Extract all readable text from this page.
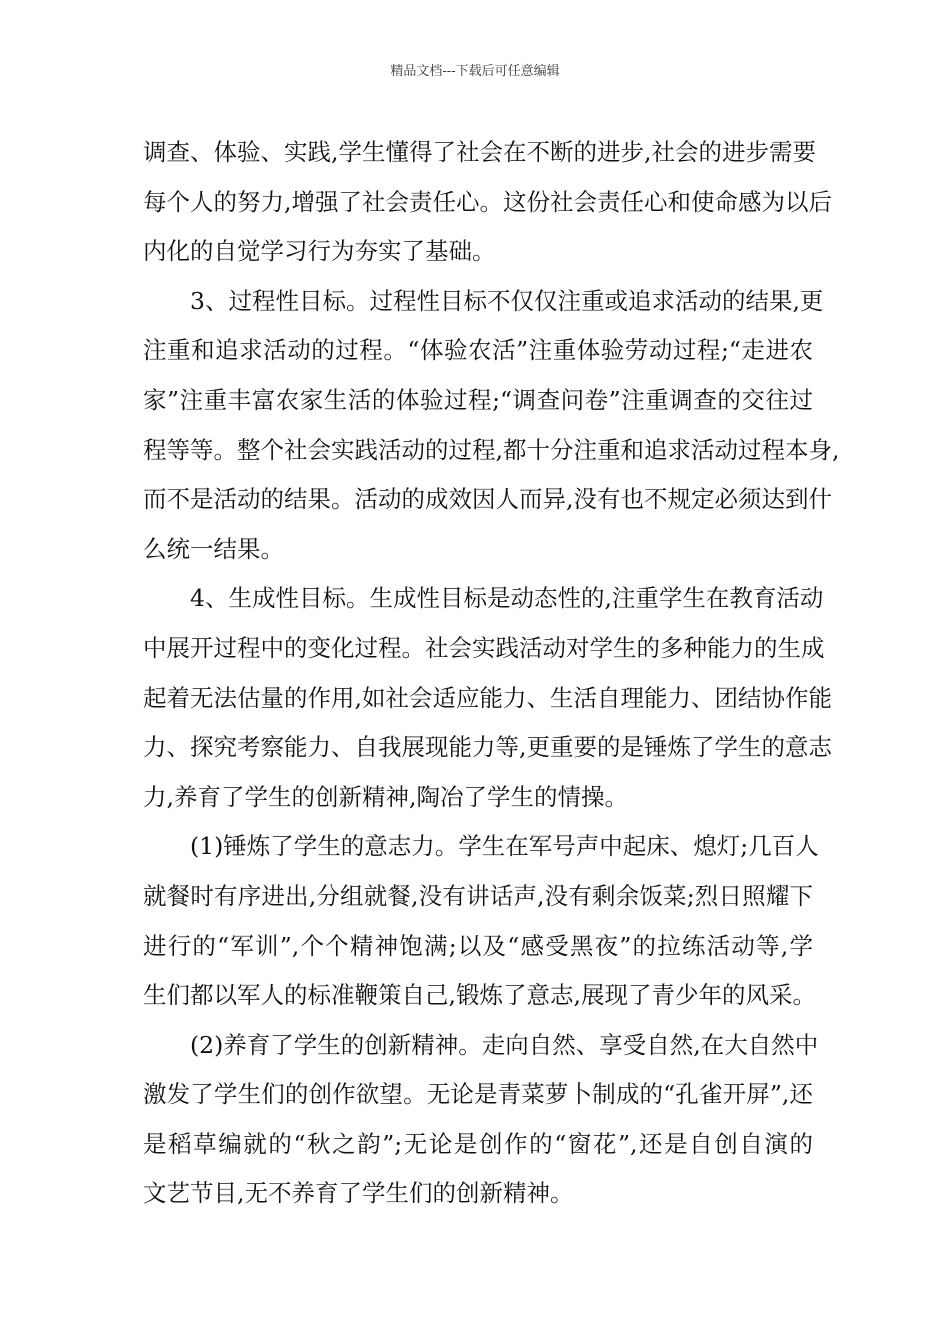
精品文档---下载后可任意编辑
调查、体验、实践,学生懂得了社会在不断的进步,社会的进步需要
每个人的努力,增强了社会责任心。这份社会责任心和使命感为以后
内化的自觉学习行为夯实了基础。
3、过程性目标。过程性目标不仅仅注重或追求活动的结果,更
注重和追求活动的过程。“体验农活”注重体验劳动过程;“走进农
家”注重丰富农家生活的体验过程;“调查问卷”注重调查的交往过
程等等。整个社会实践活动的过程,都十分注重和追求活动过程本身,
而不是活动的结果。活动的成效因人而异,没有也不规定必须达到什
么统一结果。
4、生成性目标。生成性目标是动态性的,注重学生在教育活动
中展开过程中的变化过程。社会实践活动对学生的多种能力的生成
起着无法估量的作用,如社会适应能力、生活自理能力、团结协作能
力、探究考察能力、自我展现能力等,更重要的是锤炼了学生的意志
力,养育了学生的创新精神,陶冶了学生的情操。
(1)锤炼了学生的意志力。学生在军号声中起床、熄灯;几百人
就餐时有序进出,分组就餐,没有讲话声,没有剩余饭菜;烈日照耀下
进行的“军训”,个个精神饱满;以及“感受黑夜”的拉练活动等,学
生们都以军人的标准鞭策自己,锻炼了意志,展现了青少年的风采。
(2)养育了学生的创新精神。走向自然、享受自然,在大自然中
激发了学生们的创作欲望。无论是青菜萝卜制成的“孔雀开屏”,还
是稻草编就的“秋之韵”;无论是创作的“窗花”,还是自创自演的
文艺节目,无不养育了学生们的创新精神。
